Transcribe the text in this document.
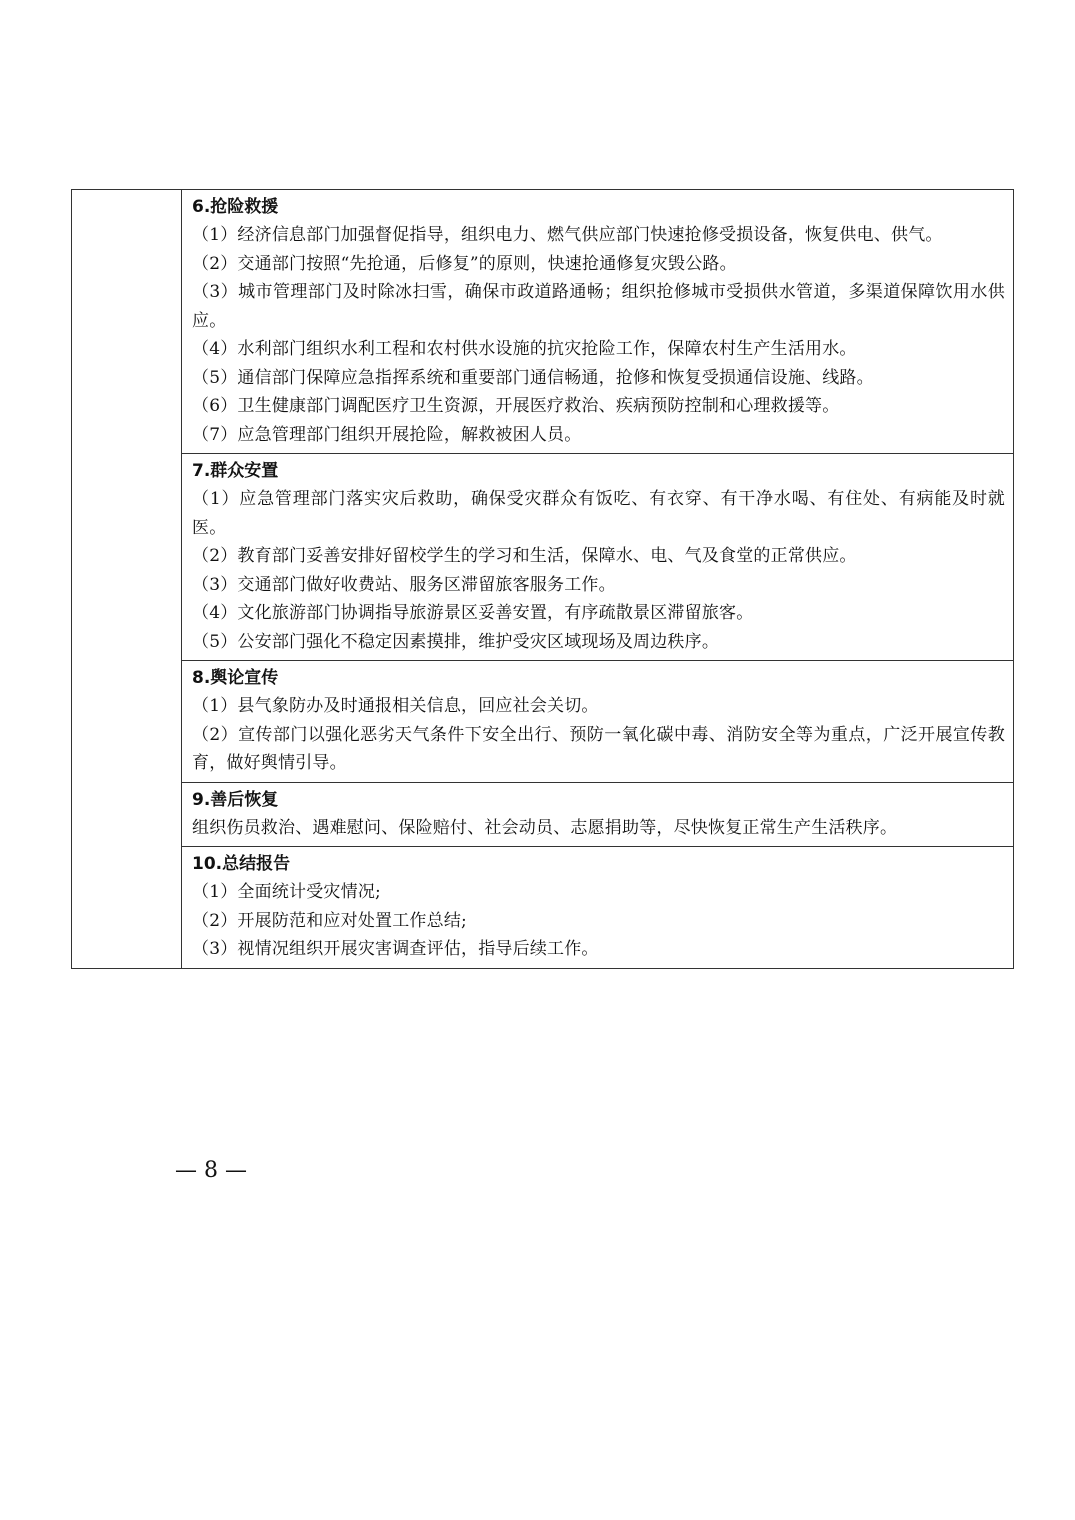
6.抢险救援
（1）经济信息部门加强督促指导，组织电力、燃气供应部门快速抢修受损设备，恢复供电、供气。
（2）交通部门按照“先抢通，后修复”的原则，快速抢通修复灾毁公路。
（3）城市管理部门及时除冰扫雪，确保市政道路通畅；组织抢修城市受损供水管道，多渠道保障饮用水供应。
（4）水利部门组织水利工程和农村供水设施的抗灾抢险工作，保障农村生产生活用水。
（5）通信部门保障应急指挥系统和重要部门通信畅通，抢修和恢复受损通信设施、线路。
（6）卫生健康部门调配医疗卫生资源，开展医疗救治、疾病预防控制和心理救援等。
（7）应急管理部门组织开展抢险，解救被困人员。

7.群众安置
（1）应急管理部门落实灾后救助，确保受灾群众有饭吃、有衣穿、有干净水喝、有住处、有病能及时就医。
（2）教育部门妥善安排好留校学生的学习和生活，保障水、电、气及食堂的正常供应。
（3）交通部门做好收费站、服务区滞留旅客服务工作。
（4）文化旅游部门协调指导旅游景区妥善安置，有序疏散景区滞留旅客。
（5）公安部门强化不稳定因素摸排，维护受灾区域现场及周边秩序。

8.舆论宣传
（1）县气象防办及时通报相关信息，回应社会关切。
（2）宣传部门以强化恶劣天气条件下安全出行、预防一氧化碳中毒、消防安全等为重点，广泛开展宣传教育，做好舆情引导。

9.善后恢复
组织伤员救治、遇难慰问、保险赔付、社会动员、志愿捐助等，尽快恢复正常生产生活秩序。

10.总结报告
（1）全面统计受灾情况;
（2）开展防范和应对处置工作总结;
（3）视情况组织开展灾害调查评估，指导后续工作。
— 8 —
